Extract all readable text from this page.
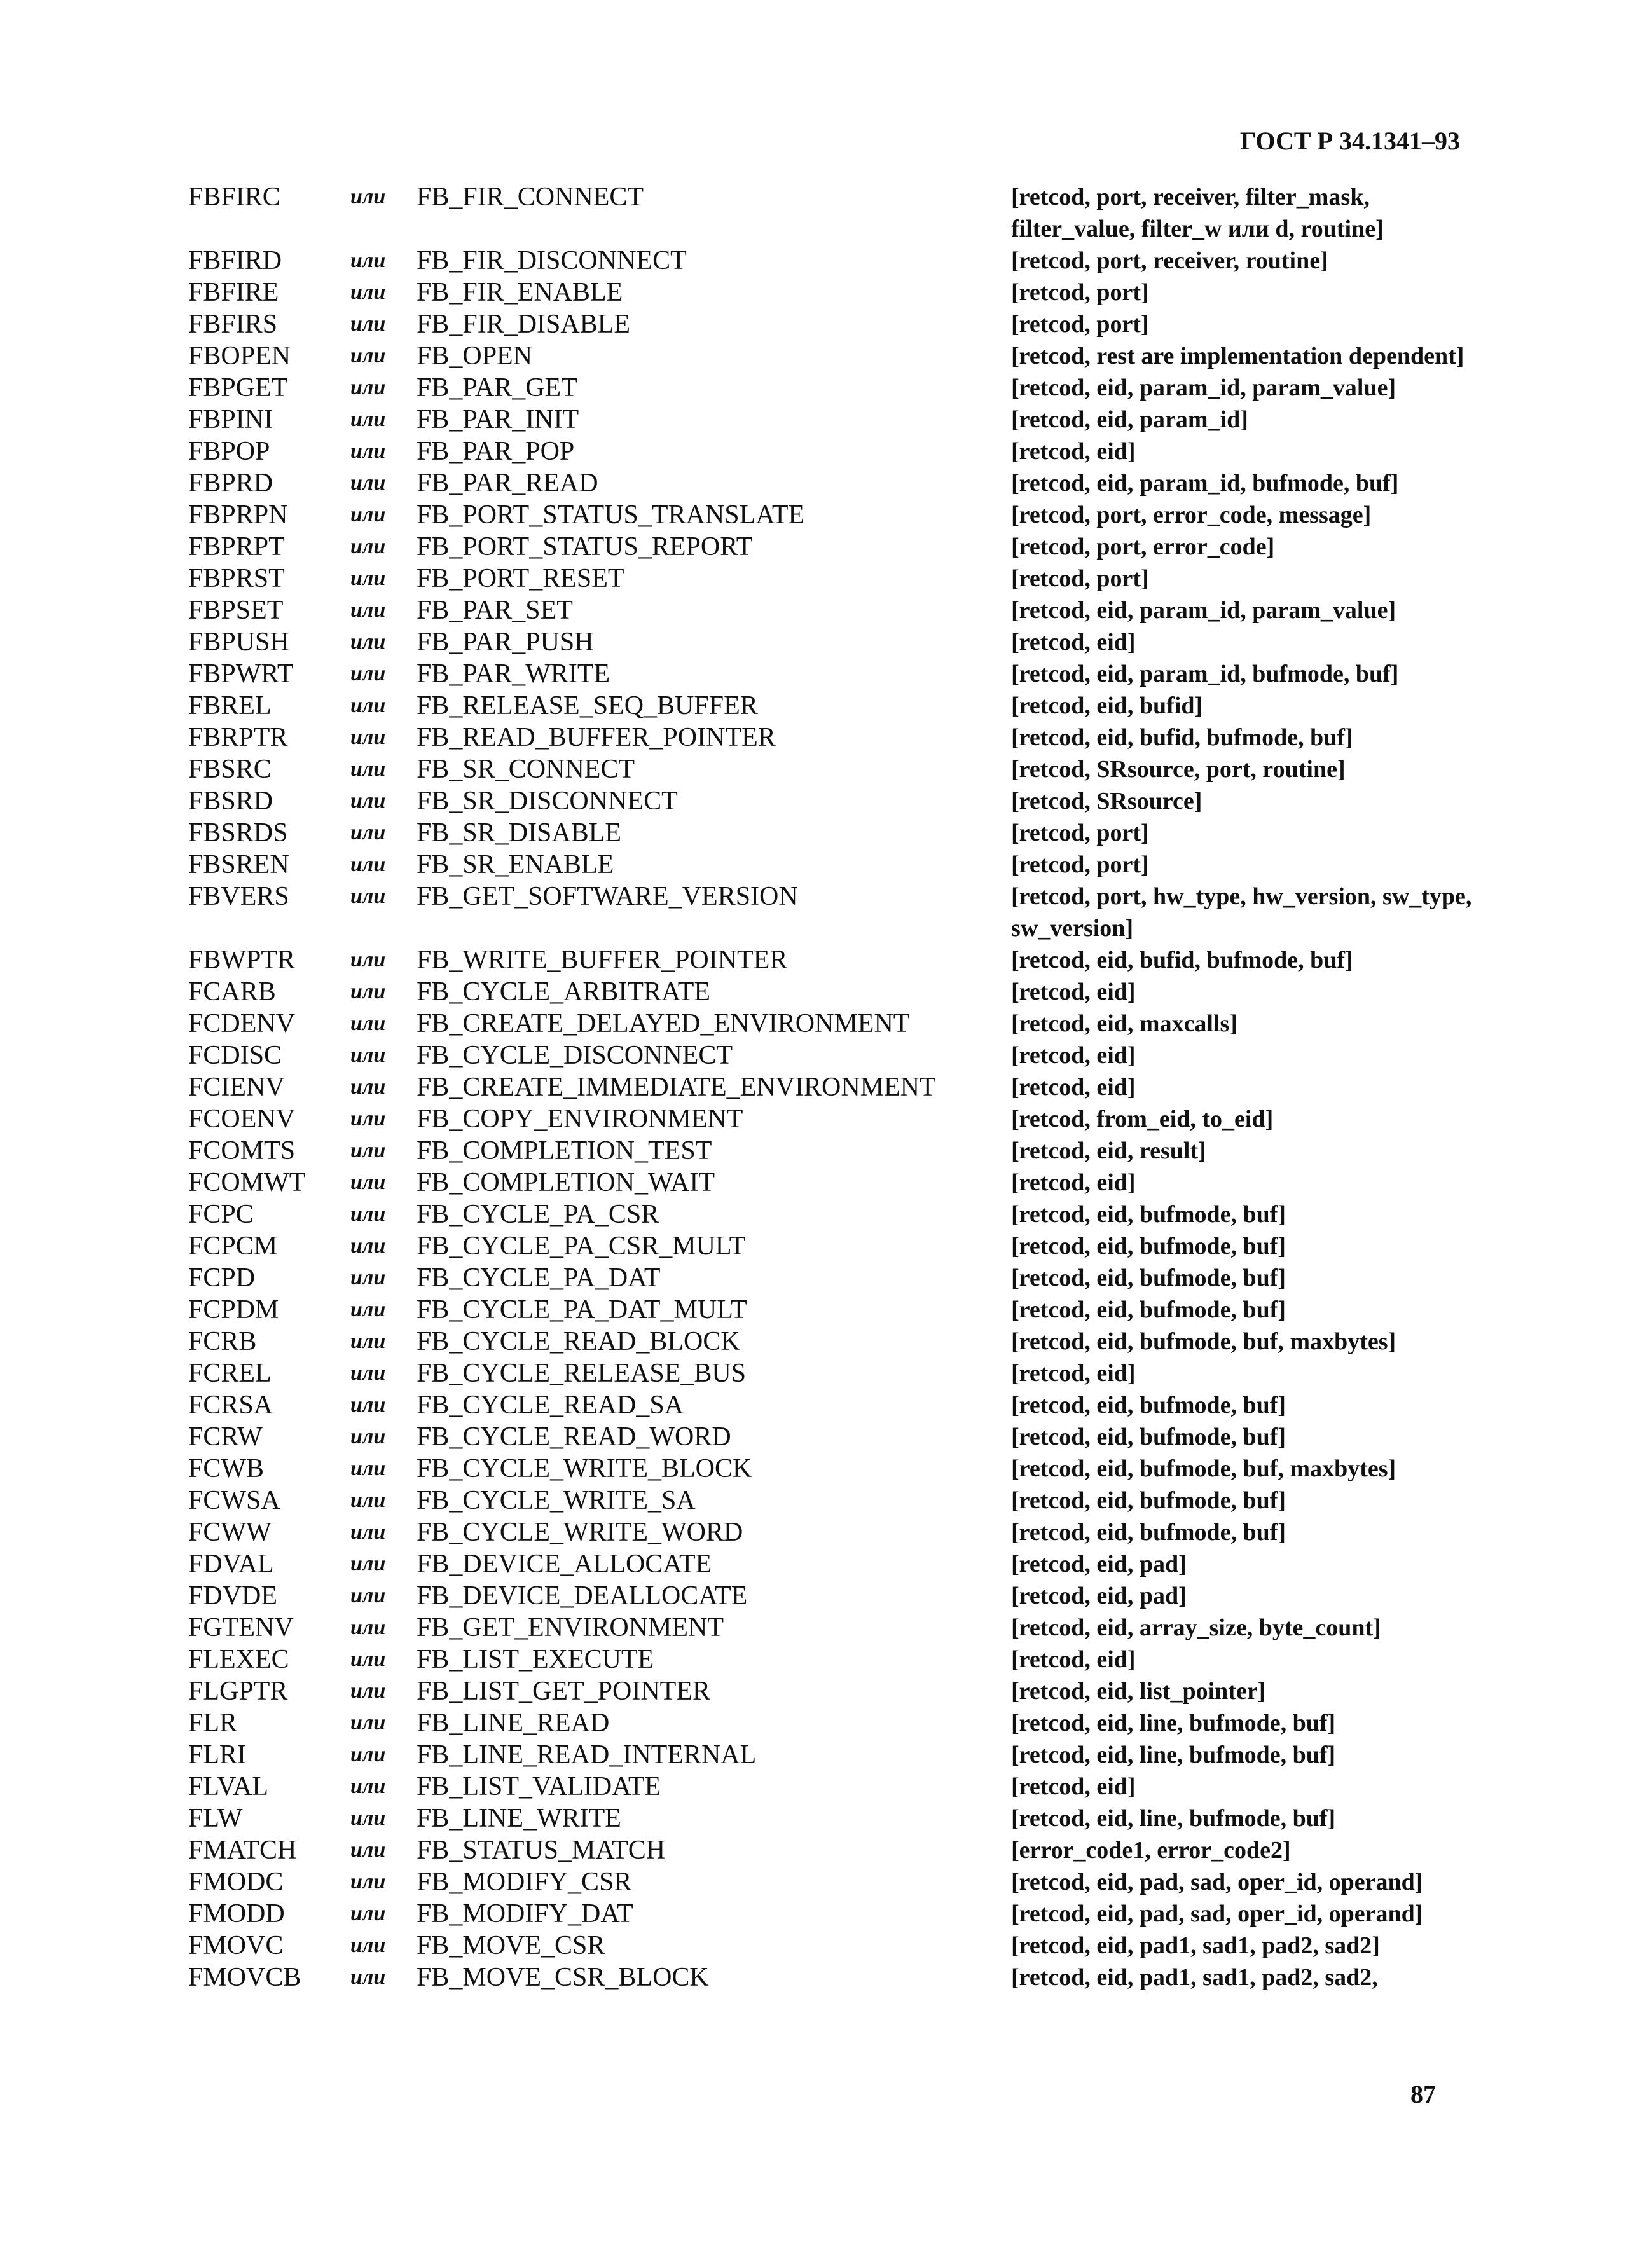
ГОСТ Р 34.1341–93
FBFIRC	или	FB_FIR_CONNECT	[retcod, port, receiver, filter_mask, filter_value, filter_w или d, routine]
FBFIRD	или	FB_FIR_DISCONNECT	[retcod, port, receiver, routine]
FBFIRE	или	FB_FIR_ENABLE	[retcod, port]
FBFIRS	или	FB_FIR_DISABLE	[retcod, port]
FBOPEN	или	FB_OPEN	[retcod, rest are implementation dependent]
FBPGET	или	FB_PAR_GET	[retcod, eid, param_id, param_value]
FBPINI	или	FB_PAR_INIT	[retcod, eid, param_id]
FBPOP	или	FB_PAR_POP	[retcod, eid]
FBPRD	или	FB_PAR_READ	[retcod, eid, param_id, bufmode, buf]
FBPRPN	или	FB_PORT_STATUS_TRANSLATE	[retcod, port, error_code, message]
FBPRPT	или	FB_PORT_STATUS_REPORT	[retcod, port, error_code]
FBPRST	или	FB_PORT_RESET	[retcod, port]
FBPSET	или	FB_PAR_SET	[retcod, eid, param_id, param_value]
FBPUSH	или	FB_PAR_PUSH	[retcod, eid]
FBPWRT	или	FB_PAR_WRITE	[retcod, eid, param_id, bufmode, buf]
FBREL	или	FB_RELEASE_SEQ_BUFFER	[retcod, eid, bufid]
FBRPTR	или	FB_READ_BUFFER_POINTER	[retcod, eid, bufid, bufmode, buf]
FBSRC	или	FB_SR_CONNECT	[retcod, SRsource, port, routine]
FBSRD	или	FB_SR_DISCONNECT	[retcod, SRsource]
FBSRDS	или	FB_SR_DISABLE	[retcod, port]
FBSREN	или	FB_SR_ENABLE	[retcod, port]
FBVERS	или	FB_GET_SOFTWARE_VERSION	[retcod, port, hw_type, hw_version, sw_type, sw_version]
FBWPTR	или	FB_WRITE_BUFFER_POINTER	[retcod, eid, bufid, bufmode, buf]
FCARB	или	FB_CYCLE_ARBITRATE	[retcod, eid]
FCDENV	или	FB_CREATE_DELAYED_ENVIRONMENT	[retcod, eid, maxcalls]
FCDISC	или	FB_CYCLE_DISCONNECT	[retcod, eid]
FCIENV	или	FB_CREATE_IMMEDIATE_ENVIRONMENT	[retcod, eid]
FCOENV	или	FB_COPY_ENVIRONMENT	[retcod, from_eid, to_eid]
FCOMTS	или	FB_COMPLETION_TEST	[retcod, eid, result]
FCOMWT	или	FB_COMPLETION_WAIT	[retcod, eid]
FCPC	или	FB_CYCLE_PA_CSR	[retcod, eid, bufmode, buf]
FCPCM	или	FB_CYCLE_PA_CSR_MULT	[retcod, eid, bufmode, buf]
FCPD	или	FB_CYCLE_PA_DAT	[retcod, eid, bufmode, buf]
FCPDM	или	FB_CYCLE_PA_DAT_MULT	[retcod, eid, bufmode, buf]
FCRB	или	FB_CYCLE_READ_BLOCK	[retcod, eid, bufmode, buf, maxbytes]
FCREL	или	FB_CYCLE_RELEASE_BUS	[retcod, eid]
FCRSA	или	FB_CYCLE_READ_SA	[retcod, eid, bufmode, buf]
FCRW	или	FB_CYCLE_READ_WORD	[retcod, eid, bufmode, buf]
FCWB	или	FB_CYCLE_WRITE_BLOCK	[retcod, eid, bufmode, buf, maxbytes]
FCWSA	или	FB_CYCLE_WRITE_SA	[retcod, eid, bufmode, buf]
FCWW	или	FB_CYCLE_WRITE_WORD	[retcod, eid, bufmode, buf]
FDVAL	или	FB_DEVICE_ALLOCATE	[retcod, eid, pad]
FDVDE	или	FB_DEVICE_DEALLOCATE	[retcod, eid, pad]
FGTENV	или	FB_GET_ENVIRONMENT	[retcod, eid, array_size, byte_count]
FLEXEC	или	FB_LIST_EXECUTE	[retcod, eid]
FLGPTR	или	FB_LIST_GET_POINTER	[retcod, eid, list_pointer]
FLR	или	FB_LINE_READ	[retcod, eid, line, bufmode, buf]
FLRI	или	FB_LINE_READ_INTERNAL	[retcod, eid, line, bufmode, buf]
FLVAL	или	FB_LIST_VALIDATE	[retcod, eid]
FLW	или	FB_LINE_WRITE	[retcod, eid, line, bufmode, buf]
FMATCH	или	FB_STATUS_MATCH	[error_code1, error_code2]
FMODC	или	FB_MODIFY_CSR	[retcod, eid, pad, sad, oper_id, operand]
FMODD	или	FB_MODIFY_DAT	[retcod, eid, pad, sad, oper_id, operand]
FMOVC	или	FB_MOVE_CSR	[retcod, eid, pad1, sad1, pad2, sad2]
FMOVCB	или	FB_MOVE_CSR_BLOCK	[retcod, eid, pad1, sad1, pad2, sad2,
87
